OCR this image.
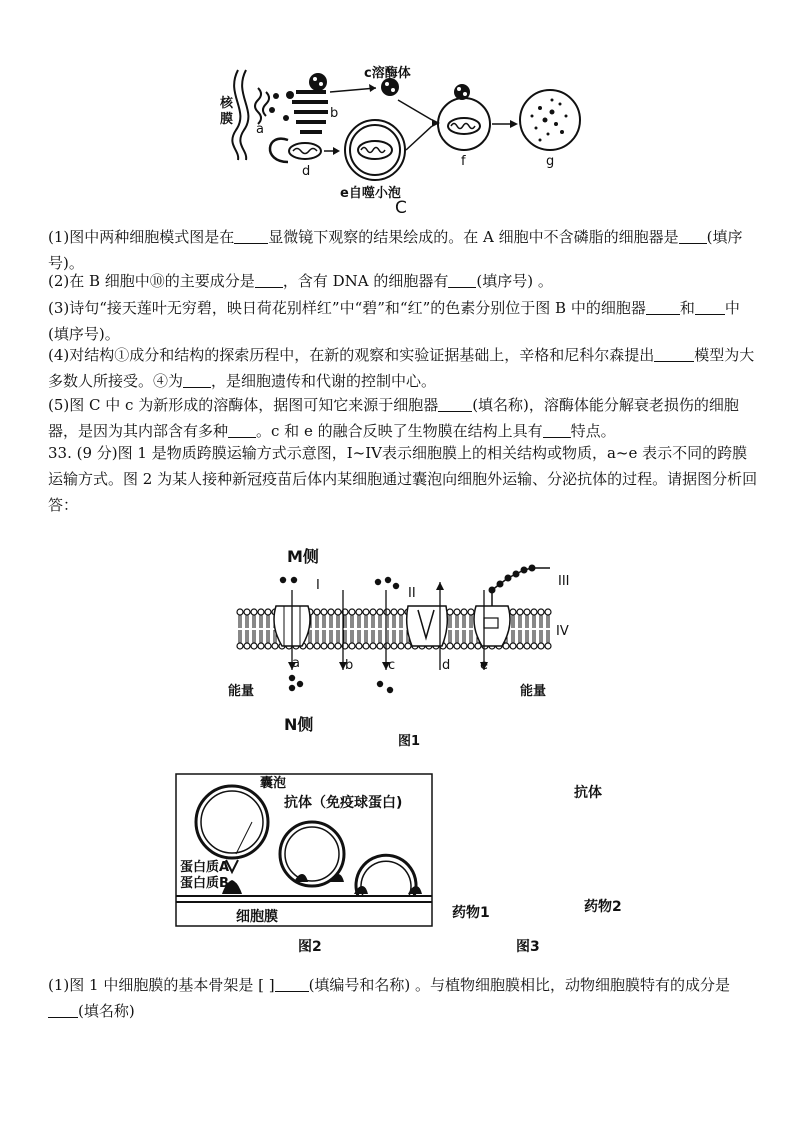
核
膜
a
b
c溶酶体
d
e自噬小泡
f	g
C
(1)图中两种细胞模式图是在 显微镜下观察的结果绘成的。在 A 细胞中不含磷脂的细胞器是 (填序号)。
(2)在 B 细胞中⑩的主要成分是 ，含有 DNA 的细胞器有 (填序号) 。
(3)诗句“接天莲叶无穷碧，映日荷花别样红”中“碧”和“红”的色素分别位于图 B 中的细胞器 和 中(填序号)。
(4)对结构①成分和结构的探索历程中，在新的观察和实验证据基础上，辛格和尼科尔森提出	模型为大多数人所接受。④为 ，是细胞遗传和代谢的控制中心。
(5)图 C 中 c 为新形成的溶酶体，据图可知它来源于细胞器 (填名称)，溶酶体能分解衰老损伤的细胞器，是因为其内部含有多种 。c 和 e 的融合反映了生物膜在结构上具有 特点。
33. (9 分)图 1 是物质跨膜运输方式示意图，I~IV表示细胞膜上的相关结构或物质，a~e 表示不同的跨膜运输方式。图 2 为某人接种新冠疫苗后体内某细胞通过囊泡向细胞外运输、分泌抗体的过程。请据图分析回答：
M侧
N侧
I
II
III
IV
a	b	c	d e
能量	能量
图1
囊泡
抗体（免疫球蛋白)
蛋白质A
蛋白质B
细胞膜
图2
抗体
药物1	药物2
图3
(1)图 1 中细胞膜的基本骨架是 [ ] (填编号和名称) 。与植物细胞膜相比，动物细胞膜特有的成分是(填名称)
